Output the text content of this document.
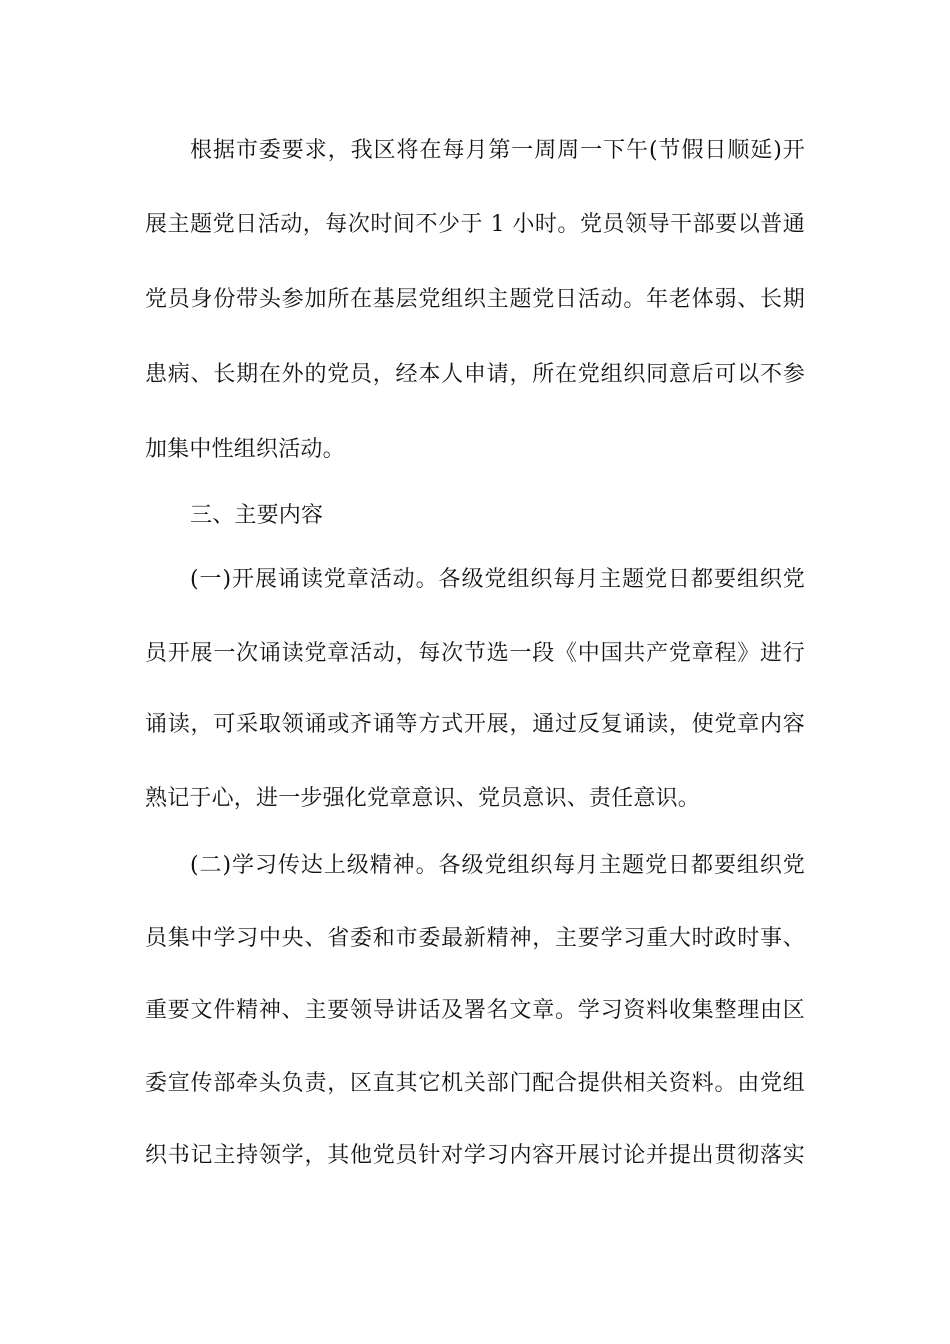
根据市委要求，我区将在每月第一周周一下午(节假日顺延)开
展主题党日活动，每次时间不少于 1 小时。党员领导干部要以普通
党员身份带头参加所在基层党组织主题党日活动。年老体弱、长期
患病、长期在外的党员，经本人申请，所在党组织同意后可以不参
加集中性组织活动。
三、主要内容
(一)开展诵读党章活动。各级党组织每月主题党日都要组织党
员开展一次诵读党章活动，每次节选一段《中国共产党章程》进行
诵读，可采取领诵或齐诵等方式开展，通过反复诵读，使党章内容
熟记于心，进一步强化党章意识、党员意识、责任意识。
(二)学习传达上级精神。各级党组织每月主题党日都要组织党
员集中学习中央、省委和市委最新精神，主要学习重大时政时事、
重要文件精神、主要领导讲话及署名文章。学习资料收集整理由区
委宣传部牵头负责，区直其它机关部门配合提供相关资料。由党组
织书记主持领学，其他党员针对学习内容开展讨论并提出贯彻落实
